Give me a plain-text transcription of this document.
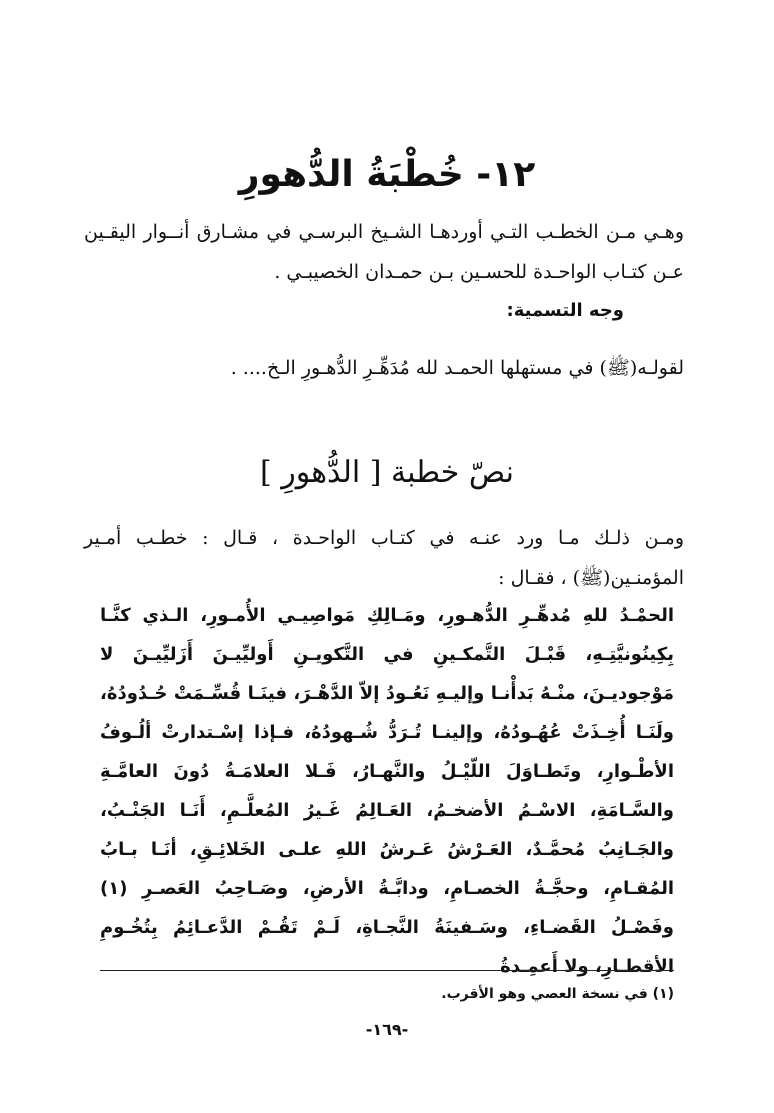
١٢- خُطْبَةُ الدُّهورِ
وهـي مـن الخطـب التـي أوردهـا الشـيخ البرسـي في مشـارق أنــوار اليقـين عـن كتـاب الواحـدة للحسـين بـن حمـدان الخصيبـي .
وجه التسمية:
لقولـه(ﷺ) في مستهلها الحمـد لله مُدَهِّـرِ الدُّهـورِ الـخ.... .
نصّ خطبة [ الدُّهورِ ]
ومـن ذلـك مـا ورد عنـه في كتـاب الواحـدة ، قـال : خطـب أمـير المؤمنـين(ﷺ) ، فقـال :
الحمْـدُ للهِ مُدهِّـرِ الدُّهـورِ، ومَـالِكِ مَواصِيـي الأُمـورِ، الـذي كنَّـا بِكِينُونيَّتِـهِ، قَبْـلَ التَّمكـينِ في التَّكويـنِ أَوليِّيـنَ أَزَليِّيـنَ لا مَوْجوديـنَ، منْـهُ بَدأْنـا وإليـهِ نَعُـودُ إلاّ الدَّهْـرَ، فينَـا قُسِّـمَتْ حُـدُودُهُ، ولَنَـا أُخِـذَتْ عُهُـودُهُ، وإلينـا تُـرَدُّ شُـهودُهُ، فـإذا إسْـتدارتْ ألُـوفُ الأطْـوارِ، وتَطـاوَلَ اللّيْـلُ والنَّهـارُ، فَـلا العلامَـةُ دُونَ العامَّـةِ والسَّـامَةِ، الاسْـمُ الأضخـمُ، العَـالِمُ غَـيرُ المُعلَّـمِ، أَنَـا الجَنْـبُ، والجَـانِبُ مُحمَّـدٌ، العَـرْشُ عَـرشُ اللهِ علـى الخَلائِـقِ، أنَـا بـابُ المُقـامِ، وحجَّـةُ الخصـامِ، ودابَّـةُ الأرضِ، وصَـاحِبُ العَصـرِ (١) وفَصْـلُ القَضـاءِ، وسَـفينَةُ النَّجـاةِ، لَـمْ تَقُـمْ الدَّعـائِمُ بِتُخُـومِ الأقطـارِ، ولا أَعمِـدةُ
(١) في نسخة العصي وهو الأقرب.
-١٦٩-
